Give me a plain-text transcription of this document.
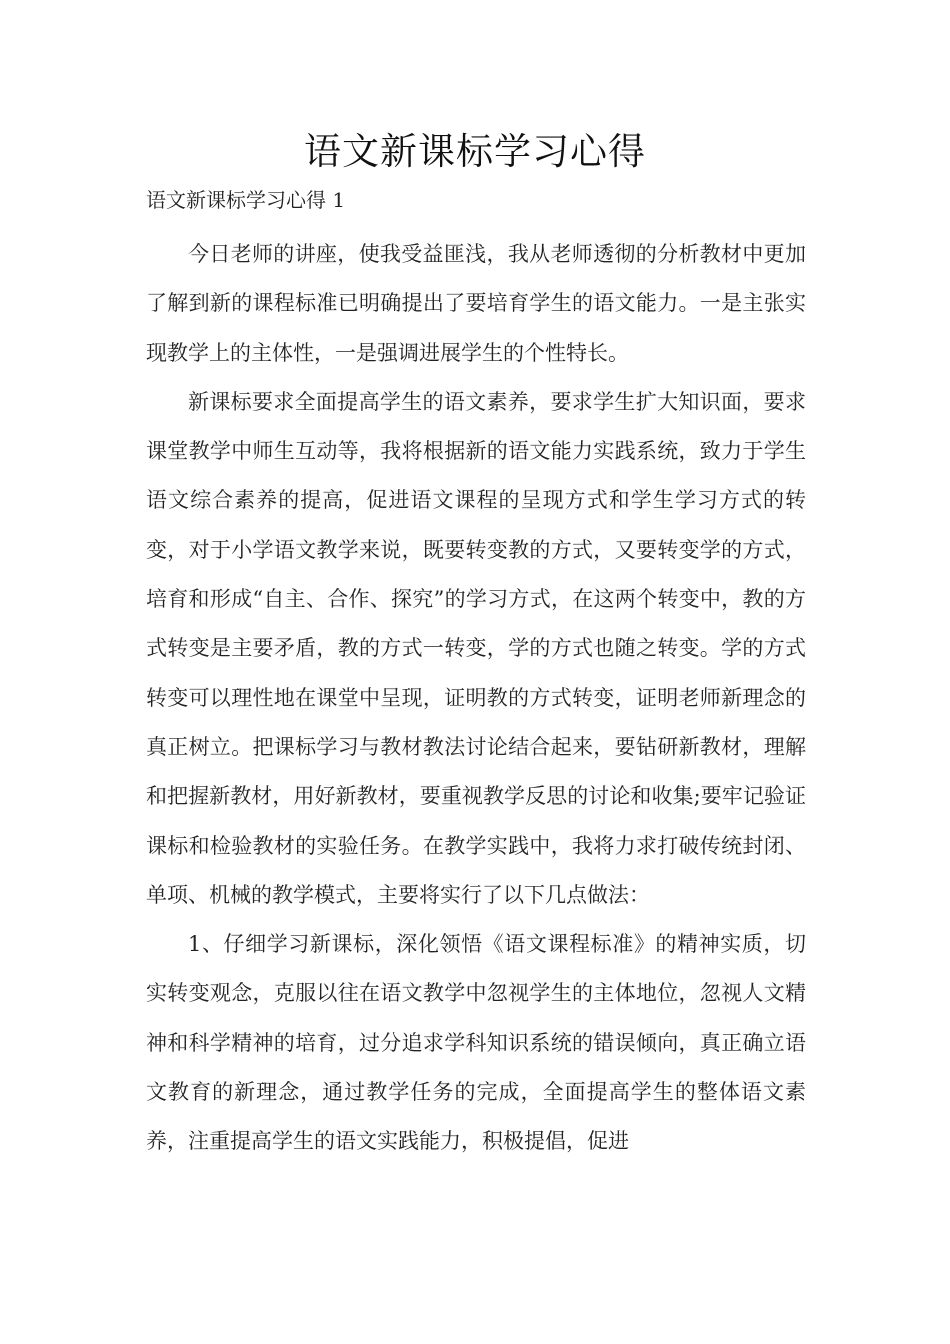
语文新课标学习心得
语文新课标学习心得 1

今日老师的讲座，使我受益匪浅，我从老师透彻的分析教材中更加了解到新的课程标准已明确提出了要培育学生的语文能力。一是主张实现教学上的主体性，一是强调进展学生的个性特长。

新课标要求全面提高学生的语文素养，要求学生扩大知识面，要求课堂教学中师生互动等，我将根据新的语文能力实践系统，致力于学生语文综合素养的提高，促进语文课程的呈现方式和学生学习方式的转变，对于小学语文教学来说，既要转变教的方式，又要转变学的方式，培育和形成“自主、合作、探究”的学习方式，在这两个转变中，教的方式转变是主要矛盾，教的方式一转变，学的方式也随之转变。学的方式转变可以理性地在课堂中呈现，证明教的方式转变，证明老师新理念的真正树立。把课标学习与教材教法讨论结合起来，要钻研新教材，理解和把握新教材，用好新教材，要重视教学反思的讨论和收集;要牢记验证课标和检验教材的实验任务。在教学实践中，我将力求打破传统封闭、单项、机械的教学模式，主要将实行了以下几点做法：

1、仔细学习新课标，深化领悟《语文课程标准》的精神实质，切实转变观念，克服以往在语文教学中忽视学生的主体地位，忽视人文精神和科学精神的培育，过分追求学科知识系统的错误倾向，真正确立语文教育的新理念，通过教学任务的完成，全面提高学生的整体语文素养，注重提高学生的语文实践能力，积极提倡，促进
